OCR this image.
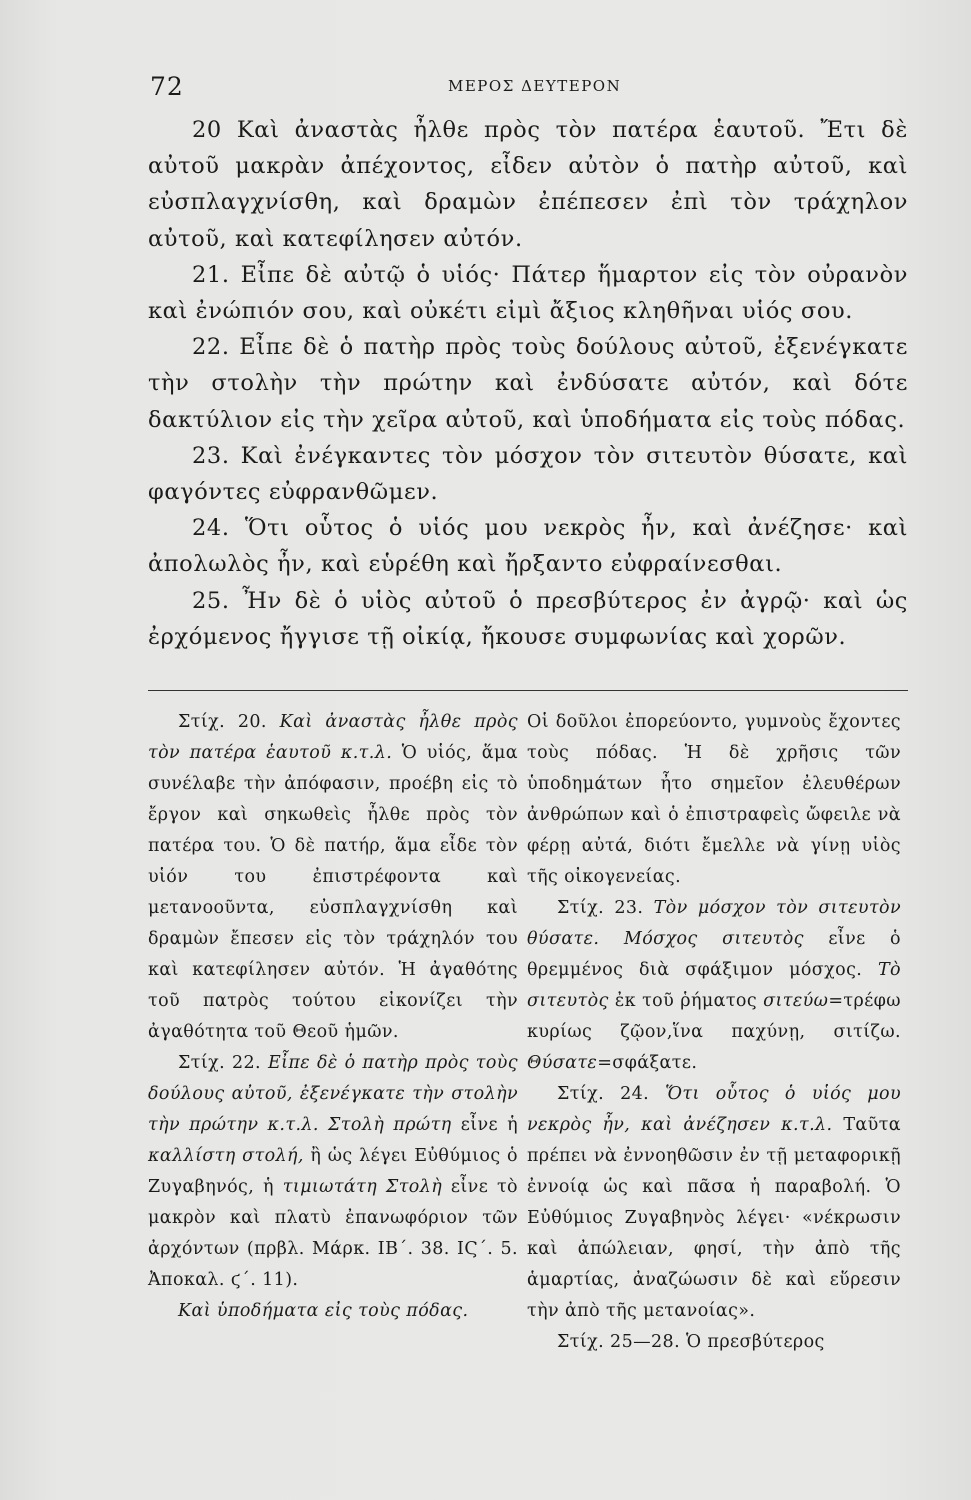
72	ΜΕΡΟΣ ΔΕΥΤΕΡΟΝ

20 Καὶ ἀναστὰς ἦλθε πρὸς τὸν πατέρα ἑαυτοῦ. Ἔτι δὲ αὐτοῦ μακρὰν ἀπέχοντος, εἶδεν αὐτὸν ὁ πατὴρ αὐτοῦ, καὶ εὐσπλαγχνίσθη, καὶ δραμὼν ἐπέπεσεν ἐπὶ τὸν τράχηλον αὐτοῦ, καὶ κατεφίλησεν αὐτόν.

21. Εἶπε δὲ αὐτῷ ὁ υἱός· Πάτερ ἥμαρτον εἰς τὸν οὐρανὸν καὶ ἐνώπιόν σου, καὶ οὐκέτι εἰμὶ ἄξιος κληθῆναι υἱός σου.

22. Εἶπε δὲ ὁ πατὴρ πρὸς τοὺς δούλους αὐτοῦ, ἐξενέγκατε τὴν στολὴν τὴν πρώτην καὶ ἐνδύσατε αὐτόν, καὶ δότε δακτύλιον εἰς τὴν χεῖρα αὐτοῦ, καὶ ὑποδήματα εἰς τοὺς πόδας.

23. Καὶ ἐνέγκαντες τὸν μόσχον τὸν σιτευτὸν θύσατε, καὶ φαγόντες εὐφρανθῶμεν.

24. Ὅτι οὗτος ὁ υἱός μου νεκρὸς ἦν, καὶ ἀνέζησε· καὶ ἀπολωλὸς ἦν, καὶ εὑρέθη καὶ ἤρξαντο εὐφραίνεσθαι.

25. Ἦν δὲ ὁ υἱὸς αὐτοῦ ὁ πρεσβύτερος ἐν ἀγρῷ· καὶ ὡς ἐρχόμενος ἤγγισε τῇ οἰκίᾳ, ἤκουσε συμφωνίας καὶ χορῶν.

Στίχ. 20. Καὶ ἀναστὰς ἦλθε πρὸς τὸν πατέρα ἑαυτοῦ κ.τ.λ. Ὁ υἱός, ἅμα συνέλαβε τὴν ἀπόφασιν, προέβη εἰς τὸ ἔργον καὶ σηκωθεὶς ἦλθε πρὸς τὸν πατέρα του. Ὁ δὲ πατήρ, ἅμα εἶδε τὸν υἱόν του ἐπιστρέφοντα καὶ μετανοοῦντα, εὐσπλαγχνίσθη καὶ δραμὼν ἔπεσεν εἰς τὸν τράχηλόν του καὶ κατεφίλησεν αὐτόν. Ἡ ἀγαθότης τοῦ πατρὸς τούτου εἰκονίζει τὴν ἀγαθότητα τοῦ Θεοῦ ἡμῶν.

Στίχ. 22. Εἶπε δὲ ὁ πατὴρ πρὸς τοὺς δούλους αὐτοῦ, ἐξενέγκατε τὴν στολὴν τὴν πρώτην κ.τ.λ. Στολὴ πρώτη εἶνε ἡ καλλίστη στολή, ἢ ὡς λέγει Εὐθύμιος ὁ Ζυγαβηνός, ἡ τιμιωτάτη Στολὴ εἶνε τὸ μακρὸν καὶ πλατὺ ἐπανωφόριον τῶν ἀρχόντων (πρβλ. Μάρκ. ΙΒ΄. 38. ΙϚ΄. 5. Ἀποκαλ. ϛ΄. 11).

Καὶ ὑποδήματα εἰς τοὺς πόδας.

Οἱ δοῦλοι ἐπορεύοντο, γυμνοὺς ἔχοντες τοὺς πόδας. Ἡ δὲ χρῆσις τῶν ὑποδημάτων ἦτο σημεῖον ἐλευθέρων ἀνθρώπων καὶ ὁ ἐπιστραφεὶς ὤφειλε νὰ φέρῃ αὐτά, διότι ἔμελλε νὰ γίνῃ υἱὸς τῆς οἰκογενείας.

Στίχ. 23. Τὸν μόσχον τὸν σιτευτὸν θύσατε. Μόσχος σιτευτὸς εἶνε ὁ θρεμμένος διὰ σφάξιμον μόσχος. Τὸ σιτευτὸς ἐκ τοῦ ῥήματος σιτεύω=τρέφω κυρίως ζῷον,ἵνα παχύνῃ, σιτίζω. Θύσατε=σφάξατε.

Στίχ. 24. Ὅτι οὗτος ὁ υἱός μου νεκρὸς ἦν, καὶ ἀνέζησεν κ.τ.λ. Ταῦτα πρέπει νὰ ἐννοηθῶσιν ἐν τῇ μεταφορικῇ ἐννοίᾳ ὡς καὶ πᾶσα ἡ παραβολή. Ὁ Εὐθύμιος Ζυγαβηνὸς λέγει· «νέκρωσιν καὶ ἀπώλειαν, φησί, τὴν ἀπὸ τῆς ἁμαρτίας, ἀναζώωσιν δὲ καὶ εὕρεσιν τὴν ἀπὸ τῆς μετανοίας».

Στίχ. 25—28. Ὁ πρεσβύτερος
